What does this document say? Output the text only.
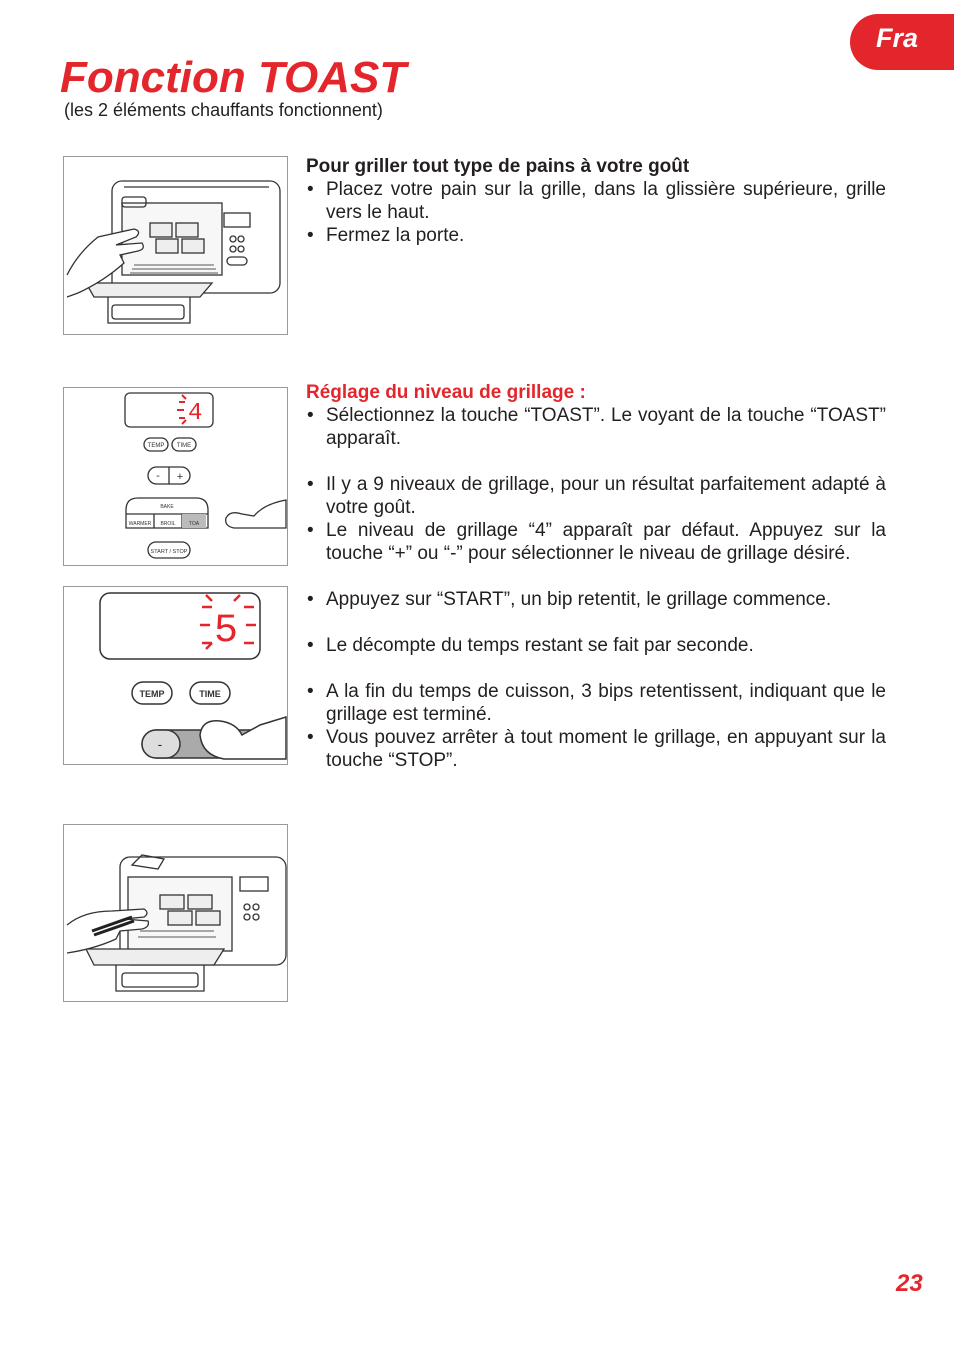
Fra
Fonction TOAST
(les 2 éléments chauffants fonctionnent)
Pour griller tout type de pains à votre goût
• Placez votre pain sur la grille, dans la glissière supérieure, grille vers le haut.
• Fermez la porte.
4
TEMP TIME
- +
BAKE
WARMER BROIL	TOA
START / STOP
5
TEMP	TIME
-
Réglage du niveau de grillage :
• Sélectionnez la touche “TOAST”. Le voyant de la touche “TOAST” apparaît.
• Il y a 9 niveaux de grillage, pour un résultat parfaitement adapté à votre goût.
• Le niveau de grillage “4” apparaît par défaut. Appuyez sur la touche “+” ou “-” pour sélectionner le niveau de grillage désiré.
• Appuyez sur “START”, un bip retentit, le grillage commence.
• Le décompte du temps restant se fait par seconde.
• A la fin du temps de cuisson, 3 bips retentissent, indiquant que le grillage est terminé.
• Vous pouvez arrêter à tout moment le grillage, en appuyant sur la touche “STOP”.
23
